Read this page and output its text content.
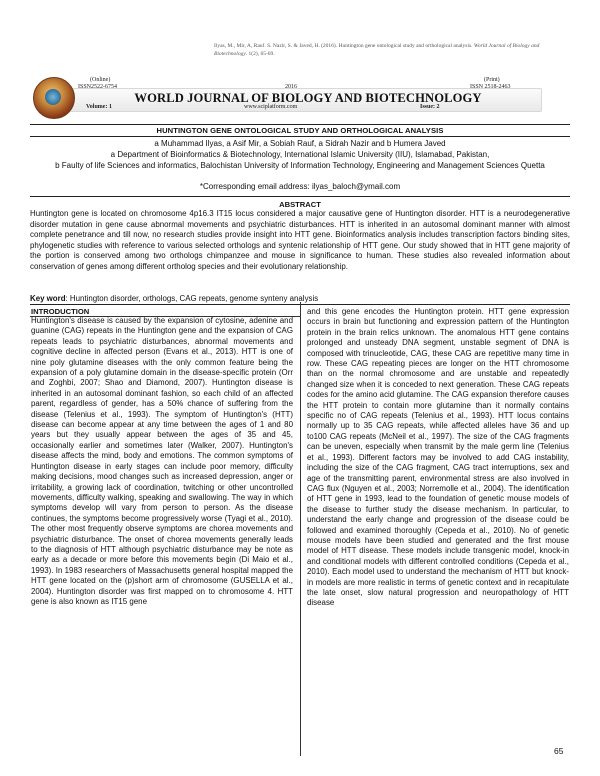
Ilyas, M., Mir, A, Rauf. S. Nazir, S. & Javed, H. (2016). Huntington gene ontological study and orthological analysis. World Journal of Biology and Biotechnology. 1(2), 65-69.
(Online)
ISSN2522-6754	2016
(Print)
ISSN 2518-2463
WORLD JOURNAL OF BIOLOGY AND BIOTECHNOLOGY
Volume: 1	www.sciplatform.com	Issue: 2
HUNTINGTON GENE ONTOLOGICAL STUDY AND ORTHOLOGICAL ANALYSIS
a Muhammad Ilyas, a Asif Mir, a Sobiah Rauf, a Sidrah Nazir and b Humera Javed
a Department of Bioinformatics & Biotechnology, International Islamic University (IIU), Islamabad, Pakistan,
b Faulty of life Sciences and informatics, Balochistan University of Information Technology, Engineering and Management Sciences Quetta
*Corresponding email address: ilyas_baloch@ymail.com
ABSTRACT
Huntington gene is located on chromosome 4p16.3 IT15 locus considered a major causative gene of Huntington disorder. HTT is a neurodegenerative disorder mutation in gene cause abnormal movements and psychiatric disturbances. HTT is inherited in an autosomal dominant manner with almost complete penetrance and till now, no research studies provide insight into HTT gene. Bioinformatics analysis includes transcription factors binding sites, phylogenetic studies with reference to various selected orthologs and syntenic relationship of HTT gene. Our study showed that in HTT gene majority of the portion is conserved among two orthologs chimpanzee and mouse in significance to human. These studies also revealed information about conservation of genes among different ortholog species and their evolutionary relationship.
Key word: Huntington disorder, orthologs, CAG repeats, genome synteny analysis
INTRODUCTION
Huntington's disease is caused by the expansion of cytosine, adenine and guanine (CAG) repeats in the Huntington gene and the expansion of CAG repeats leads to psychiatric disturbances, abnormal movements and cognitive decline in affected person (Evans et al., 2013). HTT is one of nine poly glutamine diseases with the only common feature being the expansion of a poly glutamine domain in the disease-specific protein (Orr and Zoghbi, 2007; Shao and Diamond, 2007). Huntington disease is inherited in an autosomal dominant fashion, so each child of an affected parent, regardless of gender, has a 50% chance of suffering from the disease (Telenius et al., 1993). The symptom of Huntington's (HTT) disease can become appear at any time between the ages of 1 and 80 years but they usually appear between the ages of 35 and 45, occasionally earlier and sometimes later (Walker, 2007). Huntington's disease affects the mind, body and emotions. The common symptoms of Huntington disease in early stages can include poor memory, difficulty making decisions, mood changes such as increased depression, anger or irritability, a growing lack of coordination, twitching or other uncontrolled movements, difficulty walking, speaking and swallowing. The way in which symptoms develop will vary from person to person. As the disease continues, the symptoms become progressively worse (Tyagi et al., 2010). The other most frequently observe symptoms are chorea movements and psychiatric disturbance. The onset of chorea movements generally leads to the diagnosis of HTT although psychiatric disturbance may be note as early as a decade or more before this movements begin (Di Maio et al., 1993). In 1983 researchers of Massachusetts general hospital mapped the HTT gene located on the (p)short arm of chromosome (GUSELLA et al., 2004). Huntington disorder was first mapped on to chromosome 4. HTT gene is also known as IT15 gene
and this gene encodes the Huntington protein. HTT gene expression occurs in brain but functioning and expression pattern of the Huntington protein in the brain relics unknown. The anomalous HTT gene contains prolonged and unsteady DNA segment, unstable segment of DNA is composed with trinucleotide, CAG, these CAG are repetitive many time in row. These CAG repeating pieces are longer on the HTT chromosome than on the normal chromosome and are unstable and repeatedly changed size when it is conceded to next generation. These CAG repeats codes for the amino acid glutamine. The CAG expansion therefore causes the HTT protein to contain more glutamine than it normally contains specific no of CAG repeats (Telenius et al., 1993). HTT locus contains normally up to 35 CAG repeats, while affected alleles have 36 and up to100 CAG repeats (McNeil et al., 1997). The size of the CAG fragments can be uneven, especially when transmit by the male germ line (Telenius et al., 1993). Different factors may be involved to add CAG instability, including the size of the CAG fragment, CAG tract interruptions, sex and age of the transmitting parent, environmental stress are also involved in CAG flux (Nguyen et al., 2003; Norremolle et al., 2004). The identification of HTT gene in 1993, lead to the foundation of genetic mouse models of the disease to further study the disease mechanism. In particular, to understand the early change and progression of the disease could be followed and examined thoroughly (Cepeda et al., 2010). No of genetic mouse models have been studied and generated and the first mouse model of HTT disease. These models include transgenic model, knock-in and conditional models with different controlled conditions (Cepeda et al., 2010). Each model used to understand the mechanism of HTT but knock-in models are more realistic in terms of genetic context and in recapitulate the late onset, slow natural progression and neuropathology of HTT disease
65
